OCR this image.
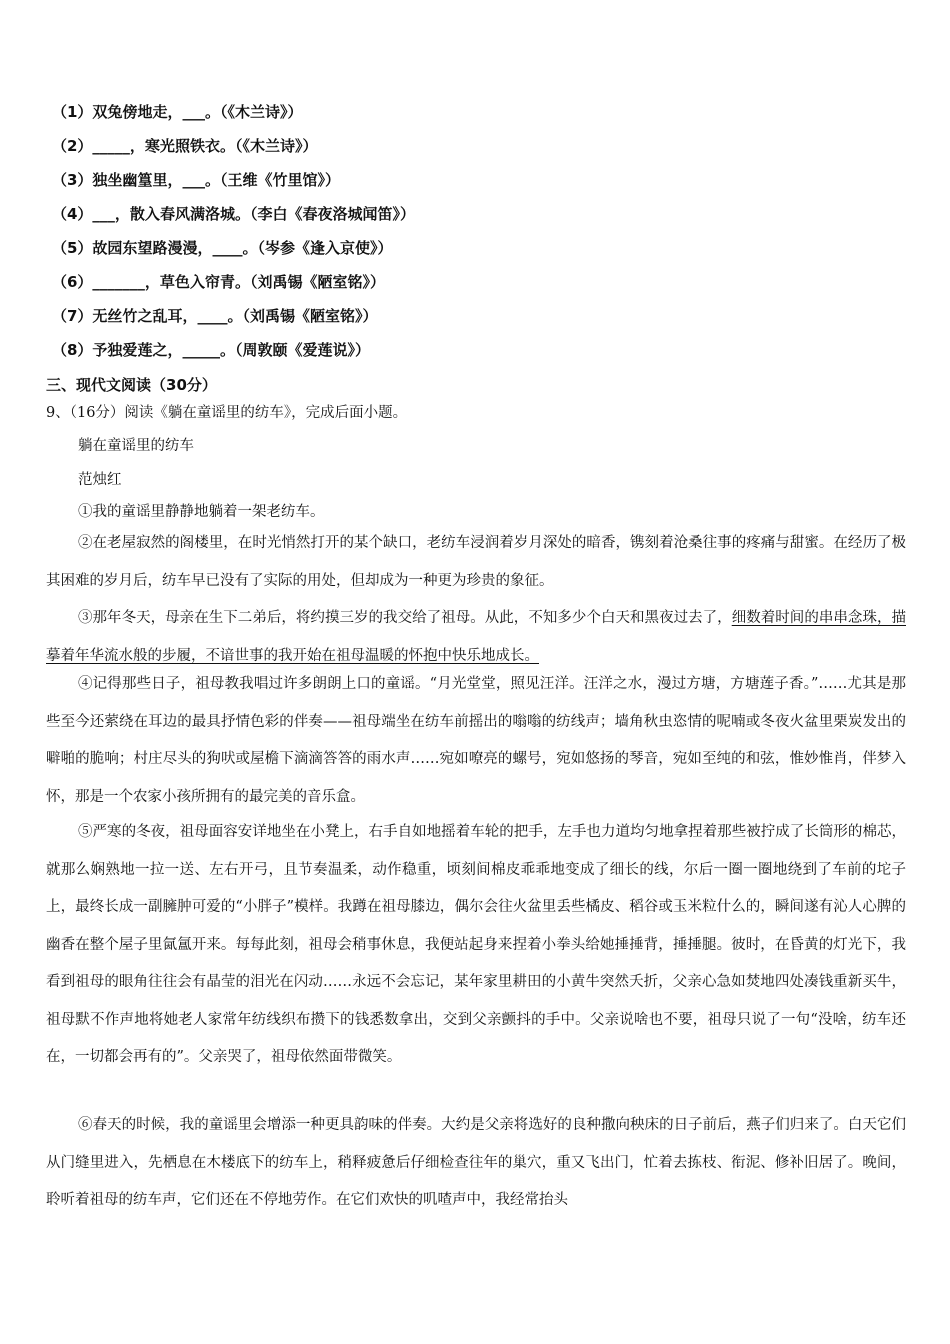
（1）双兔傍地走，___。（《木兰诗》）
（2）_____，寒光照铁衣。（《木兰诗》）
（3）独坐幽篁里，___。（王维《竹里馆》）
（4）___，散入春风满洛城。（李白《春夜洛城闻笛》）
（5）故园东望路漫漫，____。（岑参《逢入京使》）
（6）_______，草色入帘青。（刘禹锡《陋室铭》）
（7）无丝竹之乱耳，____。（刘禹锡《陋室铭》）
（8）予独爱莲之，_____。（周敦颐《爱莲说》）
三、现代文阅读（30分）
9、（16分）阅读《躺在童谣里的纺车》，完成后面小题。
躺在童谣里的纺车
范烛红
①我的童谣里静静地躺着一架老纺车。
②在老屋寂然的阁楼里，在时光悄然打开的某个缺口，老纺车浸润着岁月深处的暗香，镌刻着沧桑往事的疼痛与甜蜜。在经历了极其困难的岁月后，纺车早已没有了实际的用处，但却成为一种更为珍贵的象征。
③那年冬天，母亲在生下二弟后，将约摸三岁的我交给了祖母。从此，不知多少个白天和黑夜过去了，细数着时间的串串念珠，描摹着年华流水般的步履，不谙世事的我开始在祖母温暖的怀抱中快乐地成长。
④记得那些日子，祖母教我唱过许多朗朗上口的童谣。“月光堂堂，照见汪洋。汪洋之水，漫过方塘，方塘莲子香。”……尤其是那些至今还萦绕在耳边的最具抒情色彩的伴奏——祖母端坐在纺车前摇出的嗡嗡的纺线声；墙角秋虫恣情的呢喃或冬夜火盆里栗炭发出的噼啪的脆响；村庄尽头的狗吠或屋檐下滴滴答答的雨水声……宛如嘹亮的螺号，宛如悠扬的琴音，宛如至纯的和弦，惟妙惟肖，伴梦入怀，那是一个农家小孩所拥有的最完美的音乐盒。
⑤严寒的冬夜，祖母面容安详地坐在小凳上，右手自如地摇着车轮的把手，左手也力道均匀地拿捏着那些被拧成了长筒形的棉芯，就那么娴熟地一拉一送、左右开弓，且节奏温柔，动作稳重，顷刻间棉皮乖乖地变成了细长的线，尔后一圈一圈地绕到了车前的坨子上，最终长成一副臃肿可爱的“小胖子”模样。我蹲在祖母膝边，偶尔会往火盆里丢些橘皮、稻谷或玉米粒什么的，瞬间遂有沁人心脾的幽香在整个屋子里氤氲开来。每每此刻，祖母会稍事休息，我便站起身来捏着小拳头给她捶捶背，捶捶腿。彼时，在昏黄的灯光下，我看到祖母的眼角往往会有晶莹的泪光在闪动……永远不会忘记，某年家里耕田的小黄牛突然夭折，父亲心急如焚地四处凑钱重新买牛，祖母默不作声地将她老人家常年纺线织布攒下的钱悉数拿出，交到父亲颤抖的手中。父亲说啥也不要，祖母只说了一句“没啥，纺车还在，一切都会再有的”。父亲哭了，祖母依然面带微笑。
⑥春天的时候，我的童谣里会增添一种更具韵味的伴奏。大约是父亲将选好的良种撒向秧床的日子前后，燕子们归来了。白天它们从门缝里进入，先栖息在木楼底下的纺车上，稍释疲惫后仔细检查往年的巢穴，重又飞出门，忙着去拣枝、衔泥、修补旧居了。晚间，聆听着祖母的纺车声，它们还在不停地劳作。在它们欢快的叽喳声中，我经常抬头
